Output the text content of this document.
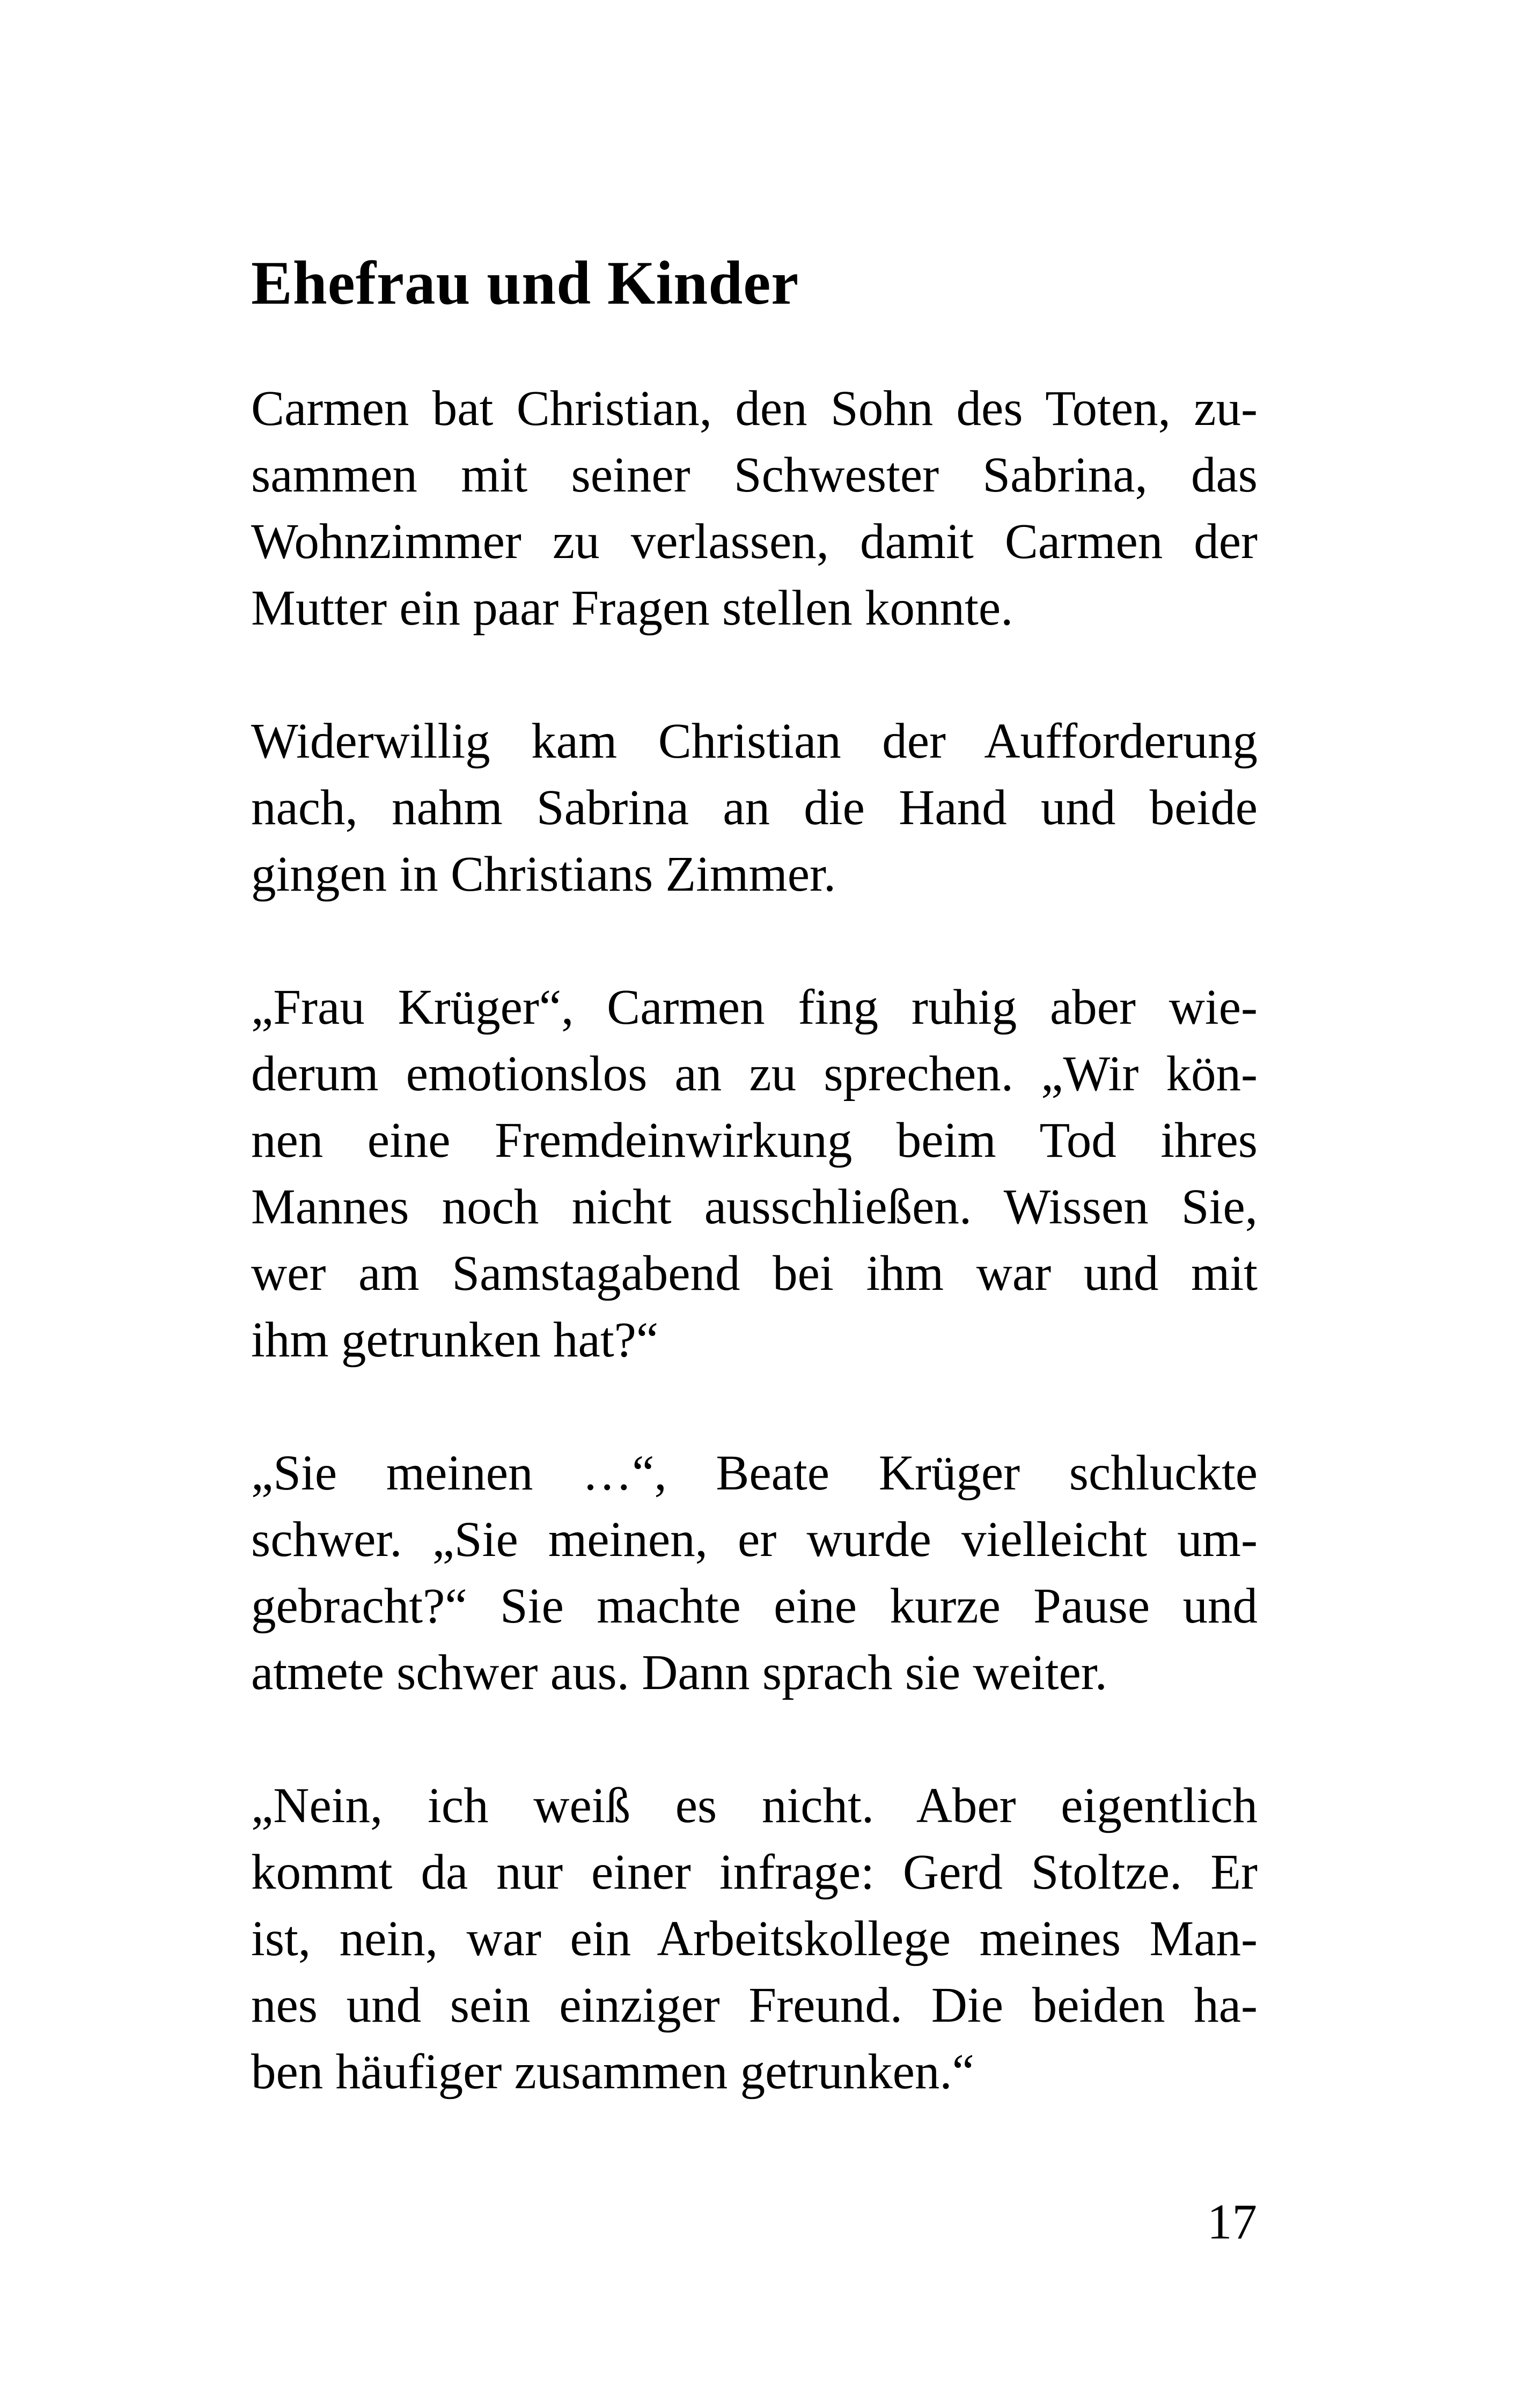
Ehefrau und Kinder

Carmen bat Christian, den Sohn des Toten, zu-
sammen mit seiner Schwester Sabrina, das
Wohnzimmer zu verlassen, damit Carmen der
Mutter ein paar Fragen stellen konnte.

Widerwillig kam Christian der Aufforderung
nach, nahm Sabrina an die Hand und beide
gingen in Christians Zimmer.

„Frau Krüger“, Carmen fing ruhig aber wie-
derum emotionslos an zu sprechen. „Wir kön-
nen eine Fremdeinwirkung beim Tod ihres
Mannes noch nicht ausschließen. Wissen Sie,
wer am Samstagabend bei ihm war und mit
ihm getrunken hat?“

„Sie meinen …“, Beate Krüger schluckte
schwer. „Sie meinen, er wurde vielleicht um-
gebracht?“ Sie machte eine kurze Pause und
atmete schwer aus. Dann sprach sie weiter.

„Nein, ich weiß es nicht. Aber eigentlich
kommt da nur einer infrage: Gerd Stoltze. Er
ist, nein, war ein Arbeitskollege meines Man-
nes und sein einziger Freund. Die beiden ha-
ben häufiger zusammen getrunken.“

17
